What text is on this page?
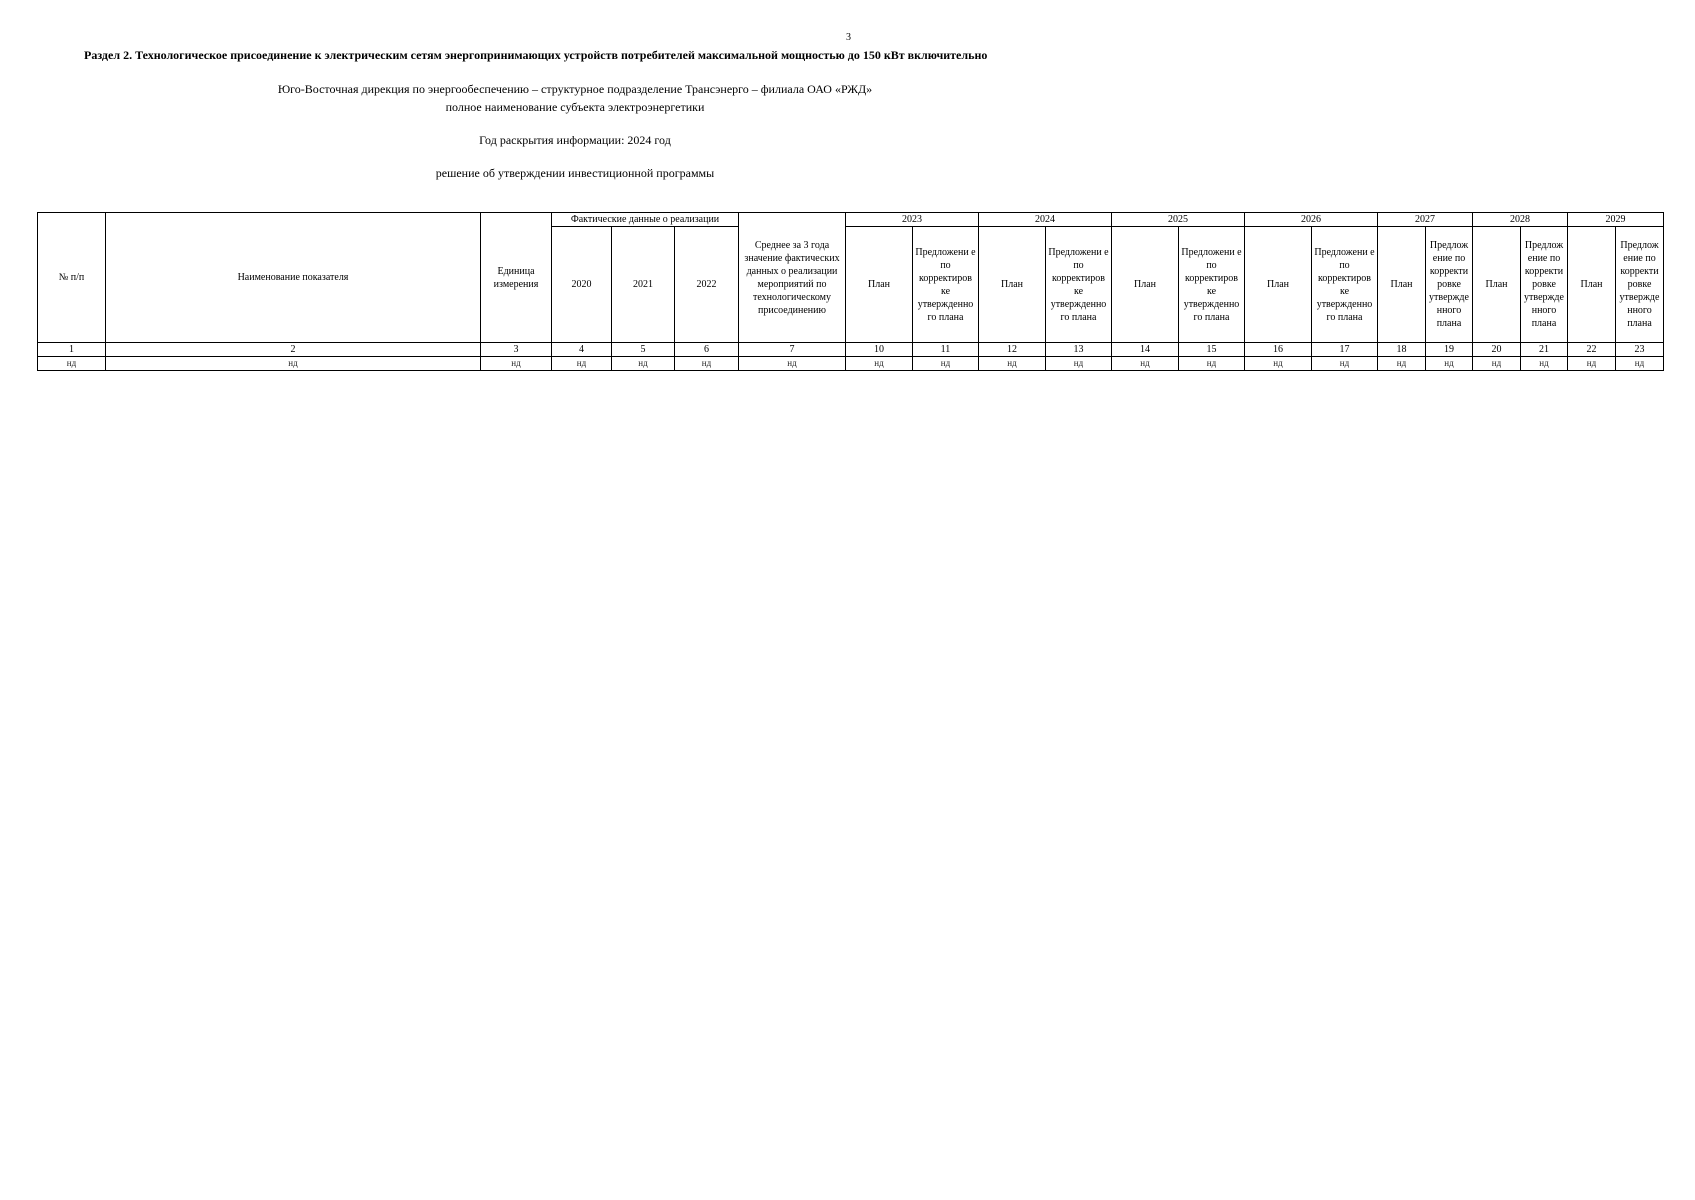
3
Раздел 2. Технологическое присоединение к электрическим сетям энергопринимающих устройств потребителей максимальной мощностью до 150 кВт включительно
Юго-Восточная дирекция по энергообеспечению – структурное подразделение Трансэнерго – филиала ОАО «РЖД»
полное наименование субъекта электроэнергетики
Год раскрытия информации: 2024 год
решение об утверждении инвестиционной программы
№ п/п	Наименование показателя	Единица измерения	Фактические данные о реализации			Среднее за 3 года значение фактических данных о реализации мероприятий по технологическому присоединению	2023		2024		2025		2026		2027		2028		2029	
			2020	2021	2022		План	Предложени е по корректиров ке утвержденно го плана	План	Предложени е по корректиров ке утвержденно го плана	План	Предложени е по корректиров ке утвержденно го плана	План	Предложени е по корректиров ке утвержденно го плана	План	Предлож ение по корректи ровке утвержде нного плана	План	Предлож ение по корректи ровке утвержде нного плана	План	Предлож ение по корректи ровке утвержде нного плана
1	2	3	4	5	6	7	10	11	12	13	14	15	16	17	18	19	20	21	22	23
нд	нд	нд	нд	нд	нд	нд	нд	нд	нд	нд	нд	нд	нд	нд	нд	нд	нд	нд	нд	нд
